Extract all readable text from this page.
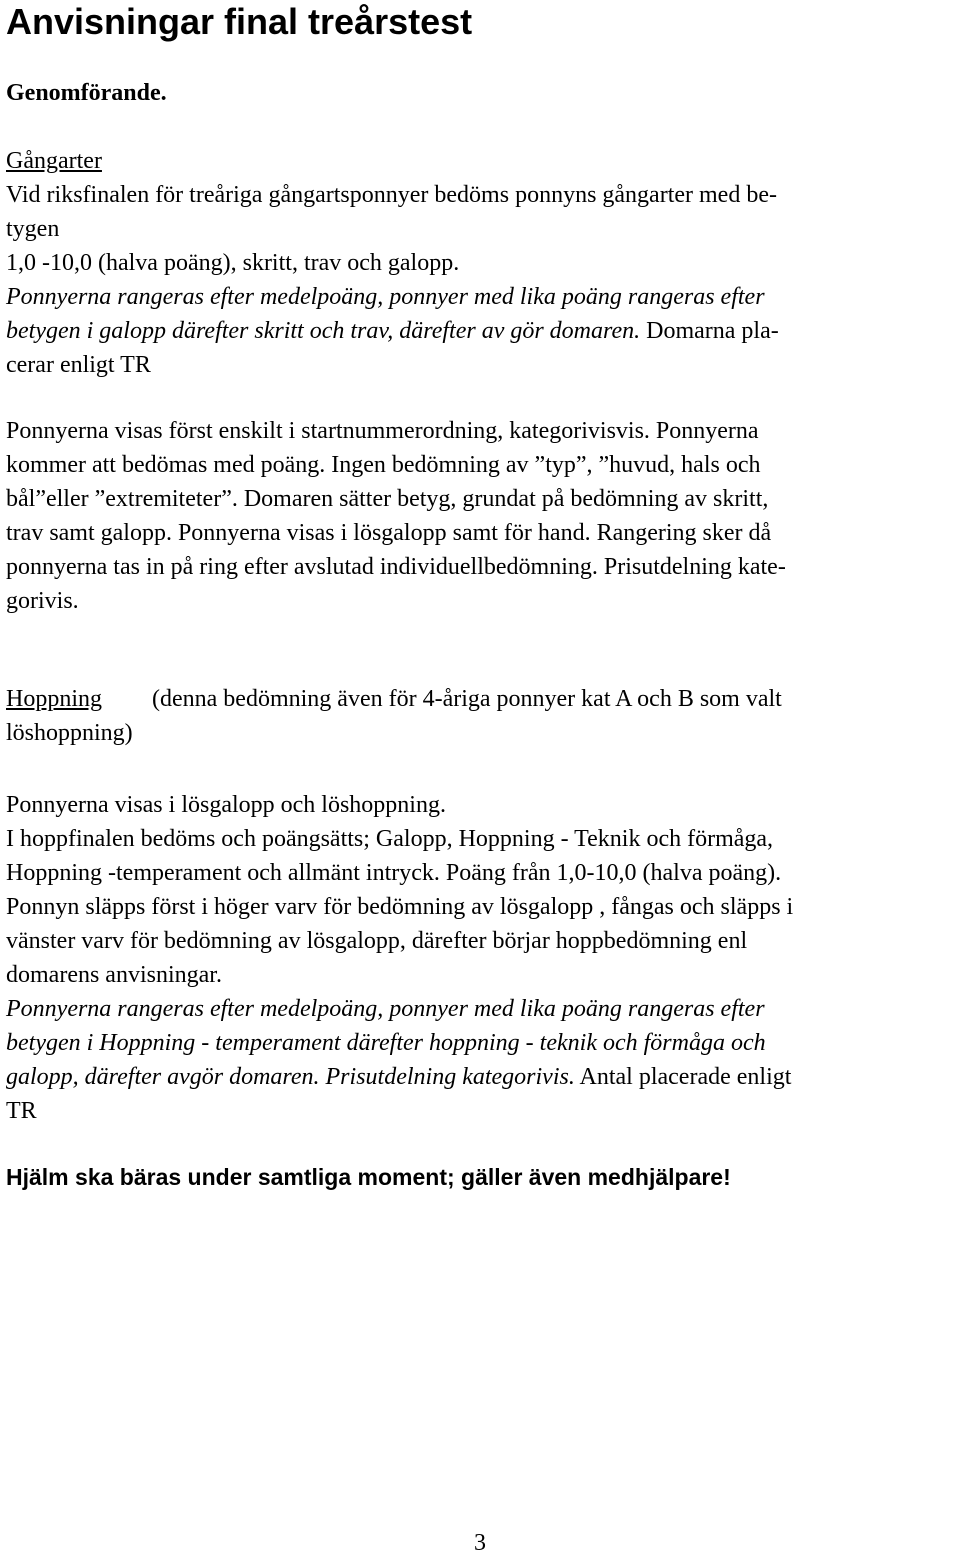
Anvisningar final treårstest
Genomförande.
Gångarter
Vid riksfinalen för treåriga gångartsponnyer bedöms ponnyns gångarter med be-
tygen
1,0 -10,0 (halva poäng), skritt, trav och galopp.
Ponnyerna rangeras efter medelpoäng, ponnyer med lika poäng rangeras efter
betygen i galopp därefter skritt och trav, därefter av gör domaren. Domarna pla-
cerar enligt TR
Ponnyerna visas först enskilt i startnummerordning, kategorivisvis. Ponnyerna
kommer att bedömas med poäng. Ingen bedömning av ”typ”, ”huvud, hals och
bål”eller ”extremiteter”. Domaren sätter betyg, grundat på bedömning av skritt,
trav samt galopp. Ponnyerna visas i lösgalopp samt för hand. Rangering sker då
ponnyerna tas in på ring efter avslutad individuellbedömning. Prisutdelning kate-
gorivis.
Hoppning (denna bedömning även för 4-åriga ponnyer kat A och B som valt
löshoppning)
Ponnyerna visas i lösgalopp och löshoppning.
I hoppfinalen bedöms och poängsätts; Galopp, Hoppning - Teknik och förmåga,
Hoppning -temperament och allmänt intryck. Poäng från 1,0-10,0 (halva poäng).
Ponnyn släpps först i höger varv för bedömning av lösgalopp , fångas och släpps i
vänster varv för bedömning av lösgalopp, därefter börjar hoppbedömning enl
domarens anvisningar.
Ponnyerna rangeras efter medelpoäng, ponnyer med lika poäng rangeras efter
betygen i Hoppning - temperament därefter hoppning - teknik och förmåga och
galopp, därefter avgör domaren. Prisutdelning kategorivis. Antal placerade enligt
TR
Hjälm ska bäras under samtliga moment; gäller även medhjälpare!
3
